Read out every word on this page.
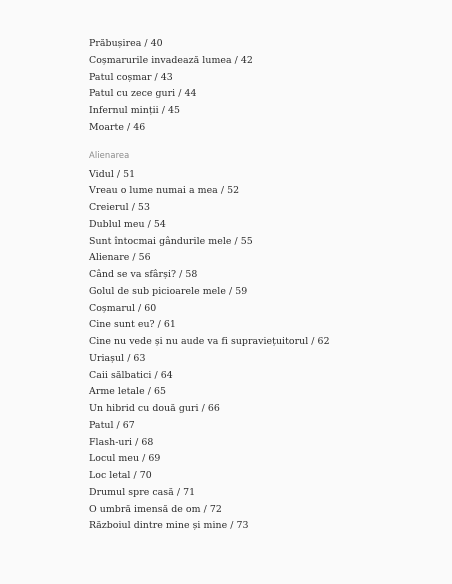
Prăbușirea / 40
Coșmarurile invadează lumea / 42
Patul coșmar / 43
Patul cu zece guri / 44
Infernul minții / 45
Moarte / 46
Alienarea
Vidul / 51
Vreau o lume numai a mea / 52
Creierul / 53
Dublul meu / 54
Sunt întocmai gândurile mele / 55
Alienare / 56
Când se va sfârși? / 58
Golul de sub picioarele mele / 59
Coșmarul / 60
Cine sunt eu? / 61
Cine nu vede și nu aude va fi supraviețuitorul / 62
Uriașul / 63
Caii sălbatici / 64
Arme letale / 65
Un hibrid cu două guri / 66
Patul / 67
Flash-uri / 68
Locul meu / 69
Loc letal / 70
Drumul spre casă / 71
O umbră imensă de om / 72
Războiul dintre mine și mine / 73
